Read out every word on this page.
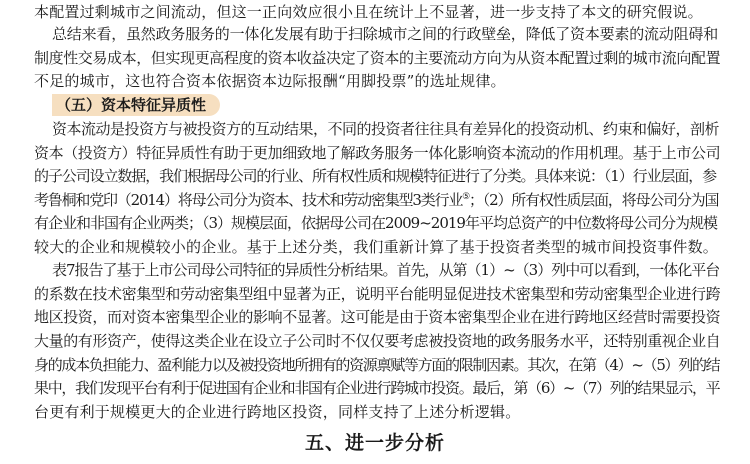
本配置过剩城市之间流动，但这一正向效应很小且在统计上不显著，进一步支持了本文的研究假说。
总结来看，虽然政务服务的一体化发展有助于扫除城市之间的行政壁垒，降低了资本要素的流动阻碍和
制度性交易成本，但实现更高程度的资本收益决定了资本的主要流动方向为从资本配置过剩的城市流向配置
不足的城市，这也符合资本依据资本边际报酬“用脚投票”的选址规律。
（五）资本特征异质性
资本流动是投资方与被投资方的互动结果，不同的投资者往往具有差异化的投资动机、约束和偏好，剖析
资本（投资方）特征异质性有助于更加细致地了解政务服务一体化影响资本流动的作用机理。基于上市公司
的子公司设立数据，我们根据母公司的行业、所有权性质和规模特征进行了分类。具体来说：（1）行业层面，参
考鲁桐和党印（2014）将母公司分为资本、技术和劳动密集型3类行业⑤；（2）所有权性质层面，将母公司分为国
有企业和非国有企业两类；（3）规模层面，依据母公司在2009~2019年平均总资产的中位数将母公司分为规模
较大的企业和规模较小的企业。基于上述分类，我们重新计算了基于投资者类型的城市间投资事件数。
表7报告了基于上市公司母公司特征的异质性分析结果。首先，从第（1）~（3）列中可以看到，一体化平台
的系数在技术密集型和劳动密集型组中显著为正，说明平台能明显促进技术密集型和劳动密集型企业进行跨
地区投资，而对资本密集型企业的影响不显著。这可能是由于资本密集型企业在进行跨地区经营时需要投资
大量的有形资产，使得这类企业在设立子公司时不仅仅要考虑被投资地的政务服务水平，还特别重视企业自
身的成本负担能力、盈利能力以及被投资地所拥有的资源禀赋等方面的限制因素。其次，在第（4）~（5）列的结
果中，我们发现平台有利于促进国有企业和非国有企业进行跨城市投资。最后，第（6）~（7）列的结果显示，平
台更有利于规模更大的企业进行跨地区投资，同样支持了上述分析逻辑。
五、进一步分析
